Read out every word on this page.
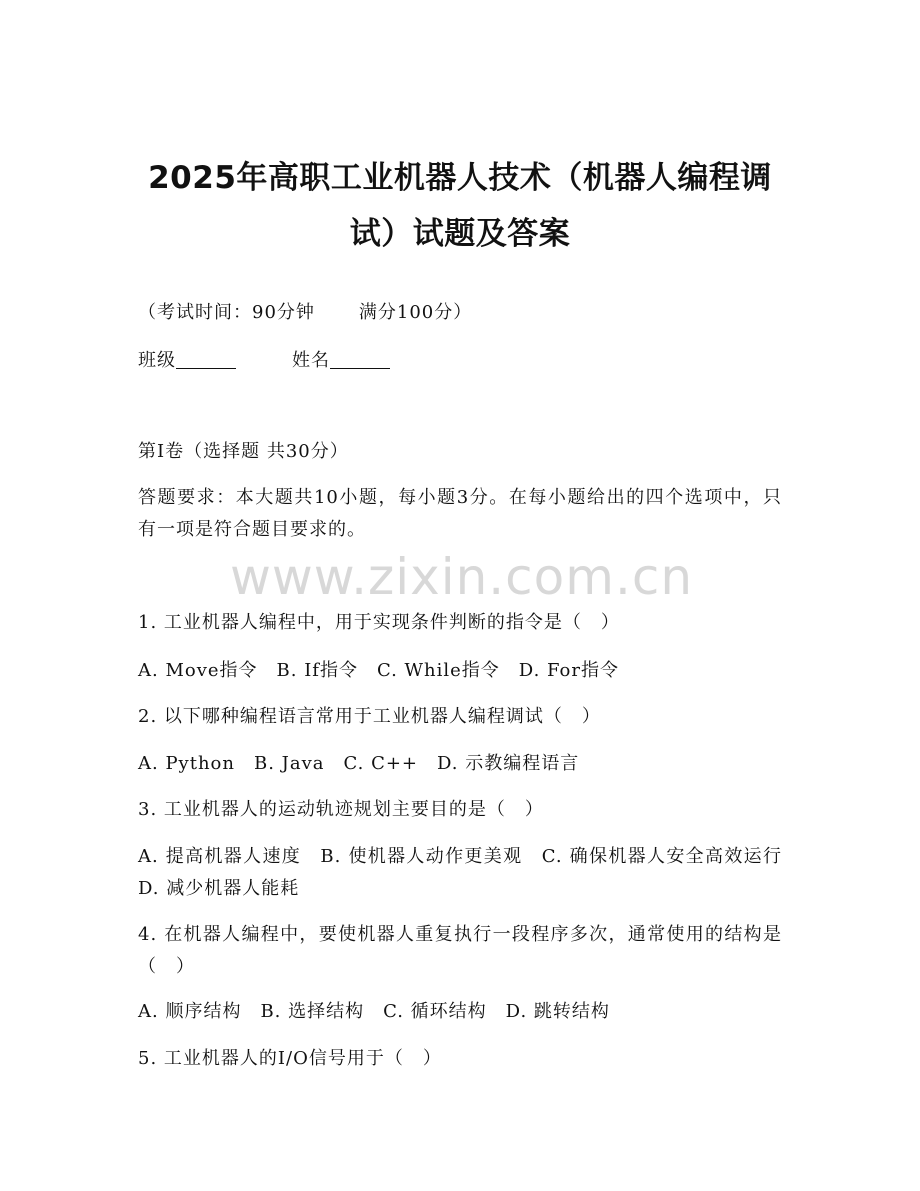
2025年高职工业机器人技术（机器人编程调试）试题及答案
（考试时间：90分钟 满分100分）
班级	姓名
第I卷（选择题 共30分）
答题要求：本大题共10小题，每小题3分。在每小题给出的四个选项中，只有一项是符合题目要求的。
www.zixin.com.cn
1. 工业机器人编程中，用于实现条件判断的指令是（　）
A. Move指令　B. If指令　C. While指令　D. For指令
2. 以下哪种编程语言常用于工业机器人编程调试（　）
A. Python　B. Java　C. C++　D. 示教编程语言
3. 工业机器人的运动轨迹规划主要目的是（　）
A. 提高机器人速度　B. 使机器人动作更美观　C. 确保机器人安全高效运行　D. 减少机器人能耗
4. 在机器人编程中，要使机器人重复执行一段程序多次，通常使用的结构是（　）
A. 顺序结构　B. 选择结构　C. 循环结构　D. 跳转结构
5. 工业机器人的I/O信号用于（　）
